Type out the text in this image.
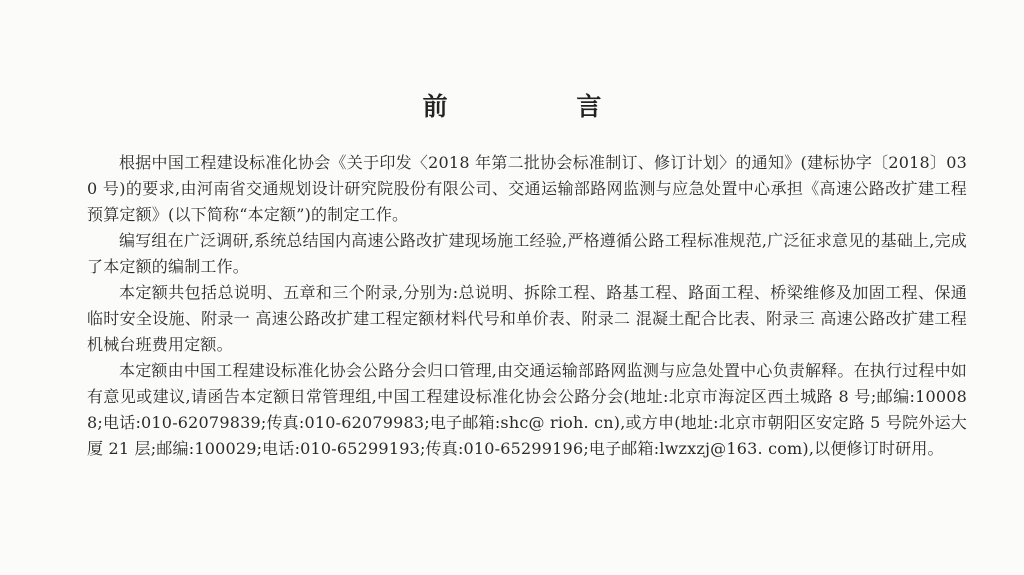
前 言

根据中国工程建设标准化协会《关于印发〈2018 年第二批协会标准制订、修订计划〉的通知》(建标协字〔2018〕030 号)的要求,由河南省交通规划设计研究院股份有限公司、交通运输部路网监测与应急处置中心承担《高速公路改扩建工程预算定额》(以下简称“本定额”)的制定工作。

编写组在广泛调研,系统总结国内高速公路改扩建现场施工经验,严格遵循公路工程标准规范,广泛征求意见的基础上,完成了本定额的编制工作。

本定额共包括总说明、五章和三个附录,分别为:总说明、拆除工程、路基工程、路面工程、桥梁维修及加固工程、保通临时安全设施、附录一 高速公路改扩建工程定额材料代号和单价表、附录二 混凝土配合比表、附录三 高速公路改扩建工程机械台班费用定额。

本定额由中国工程建设标准化协会公路分会归口管理,由交通运输部路网监测与应急处置中心负责解释。在执行过程中如有意见或建议,请函告本定额日常管理组,中国工程建设标准化协会公路分会(地址:北京市海淀区西土城路 8 号;邮编:100088;电话:010-62079839;传真:010-62079983;电子邮箱:shc@ rioh. cn),或方申(地址:北京市朝阳区安定路 5 号院外运大厦 21 层;邮编:100029;电话:010-65299193;传真:010-65299196;电子邮箱:lwzxzj@163. com),以便修订时研用。
